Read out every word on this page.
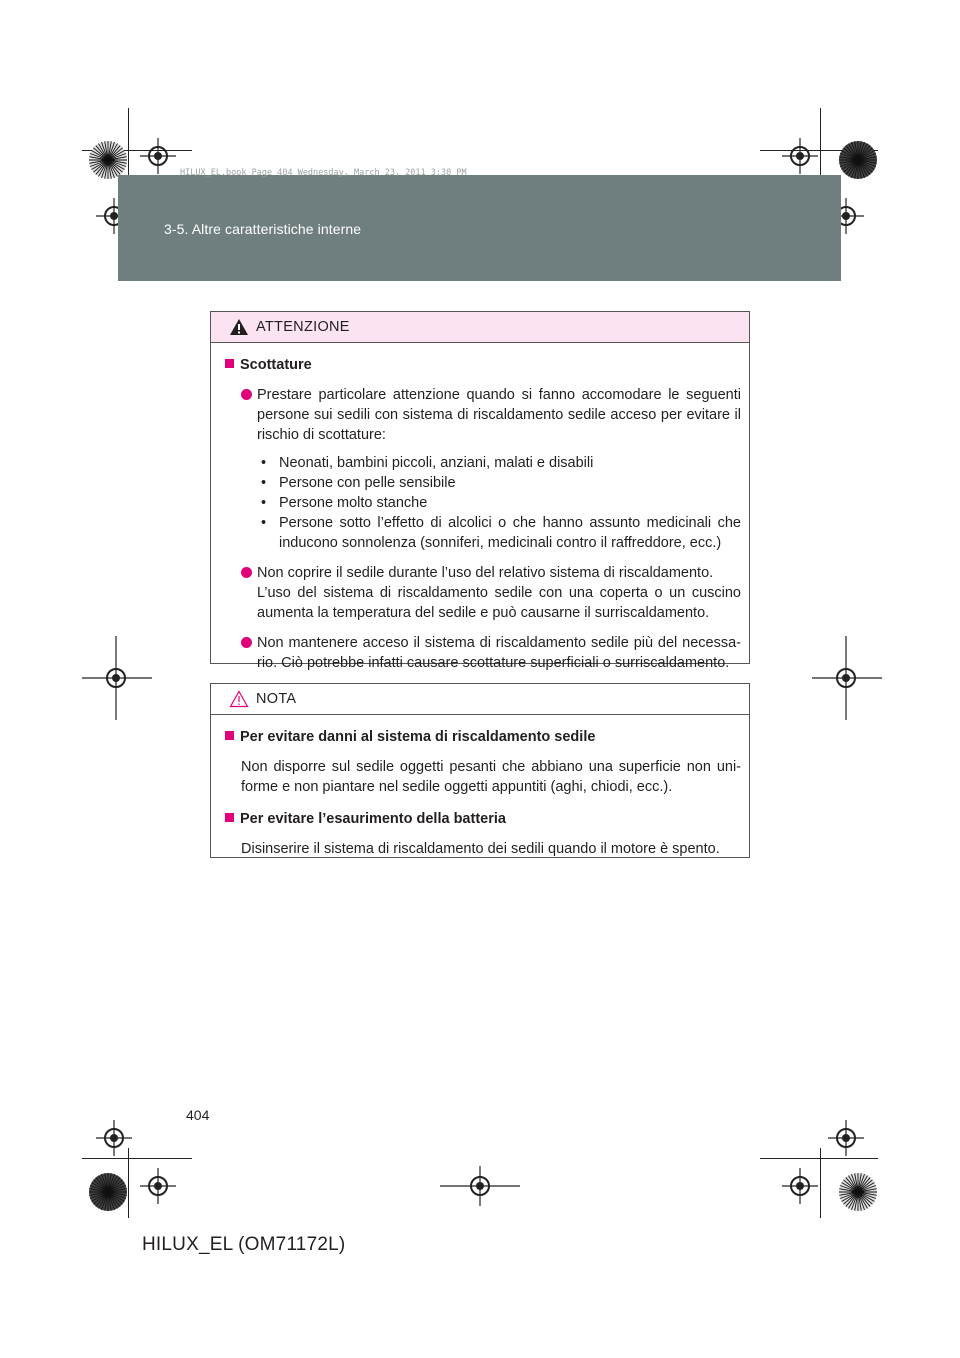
HILUX_EL.book Page 404 Wednesday, March 23, 2011 3:30 PM
3-5. Altre caratteristiche interne
ATTENZIONE
Scottature

Prestare particolare attenzione quando si fanno accomodare le seguenti persone sui sedili con sistema di riscaldamento sedile acceso per evitare il rischio di scottature:

• Neonati, bambini piccoli, anziani, malati e disabili
• Persone con pelle sensibile
• Persone molto stanche
• Persone sotto l’effetto di alcolici o che hanno assunto medicinali che inducono sonnolenza (sonniferi, medicinali contro il raffreddore, ecc.)

Non coprire il sedile durante l’uso del relativo sistema di riscaldamento.

L’uso del sistema di riscaldamento sedile con una coperta o un cuscino aumenta la temperatura del sedile e può causarne il surriscaldamento.

Non mantenere acceso il sistema di riscaldamento sedile più del necessa-rio. Ciò potrebbe infatti causare scottature superficiali o surriscaldamento.

NOTA
Per evitare danni al sistema di riscaldamento sedile

Non disporre sul sedile oggetti pesanti che abbiano una superficie non uni-forme e non piantare nel sedile oggetti appuntiti (aghi, chiodi, ecc.).

Per evitare l’esaurimento della batteria

Disinserire il sistema di riscaldamento dei sedili quando il motore è spento.

404
HILUX_EL (OM71172L)
